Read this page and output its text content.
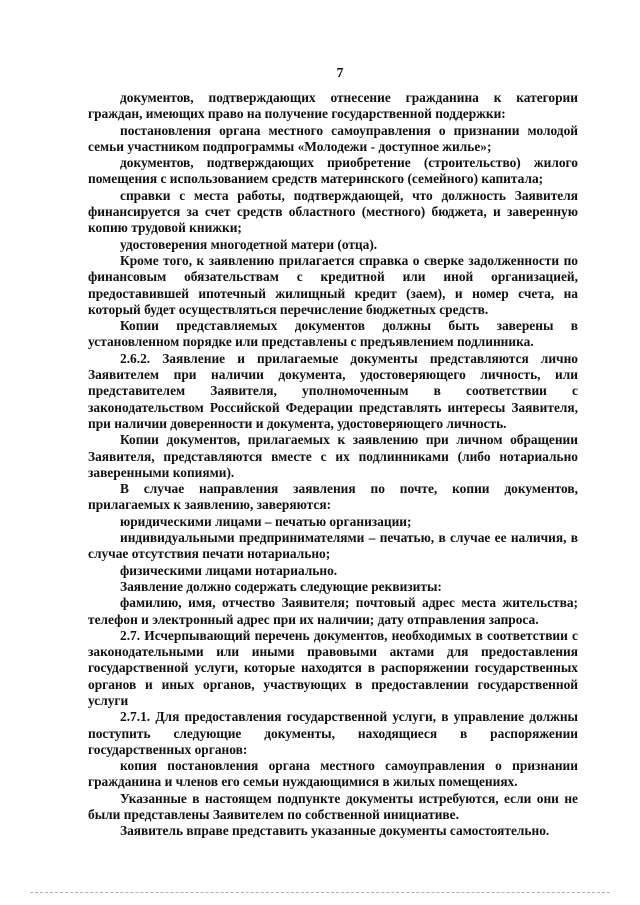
7

документов, подтверждающих отнесение гражданина к категории граждан, имеющих право на получение государственной поддержки:

постановления органа местного самоуправления о признании молодой семьи участником подпрограммы «Молодежи - доступное жилье»;

документов, подтверждающих приобретение (строительство) жилого помещения с использованием средств материнского (семейного) капитала;

справки с места работы, подтверждающей, что должность Заявителя финансируется за счет средств областного (местного) бюджета, и заверенную копию трудовой книжки;

удостоверения многодетной матери (отца).

Кроме того, к заявлению прилагается справка о сверке задолженности по финансовым обязательствам с кредитной или иной организацией, предоставившей ипотечный жилищный кредит (заем), и номер счета, на который будет осуществляться перечисление бюджетных средств.

Копии представляемых документов должны быть заверены в установленном порядке или представлены с предъявлением подлинника.

2.6.2. Заявление и прилагаемые документы представляются лично Заявителем при наличии документа, удостоверяющего личность, или представителем Заявителя, уполномоченным в соответствии с законодательством Российской Федерации представлять интересы Заявителя, при наличии доверенности и документа, удостоверяющего личность.

Копии документов, прилагаемых к заявлению при личном обращении Заявителя, представляются вместе с их подлинниками (либо нотариально заверенными копиями).

В случае направления заявления по почте, копии документов, прилагаемых к заявлению, заверяются:

юридическими лицами – печатью организации;

индивидуальными предпринимателями – печатью, в случае ее наличия, в случае отсутствия печати нотариально;

физическими лицами нотариально.

Заявление должно содержать следующие реквизиты:

фамилию, имя, отчество Заявителя; почтовый адрес места жительства; телефон и электронный адрес при их наличии; дату отправления запроса.

2.7. Исчерпывающий перечень документов, необходимых в соответствии с законодательными или иными правовыми актами для предоставления государственной услуги, которые находятся в распоряжении государственных органов и иных органов, участвующих в предоставлении государственной услуги

2.7.1. Для предоставления государственной услуги, в управление должны поступить следующие документы, находящиеся в распоряжении государственных органов:

копия постановления органа местного самоуправления о признании гражданина и членов его семьи нуждающимися в жилых помещениях.

Указанные в настоящем подпункте документы истребуются, если они не были представлены Заявителем по собственной инициативе.

Заявитель вправе представить указанные документы самостоятельно.
